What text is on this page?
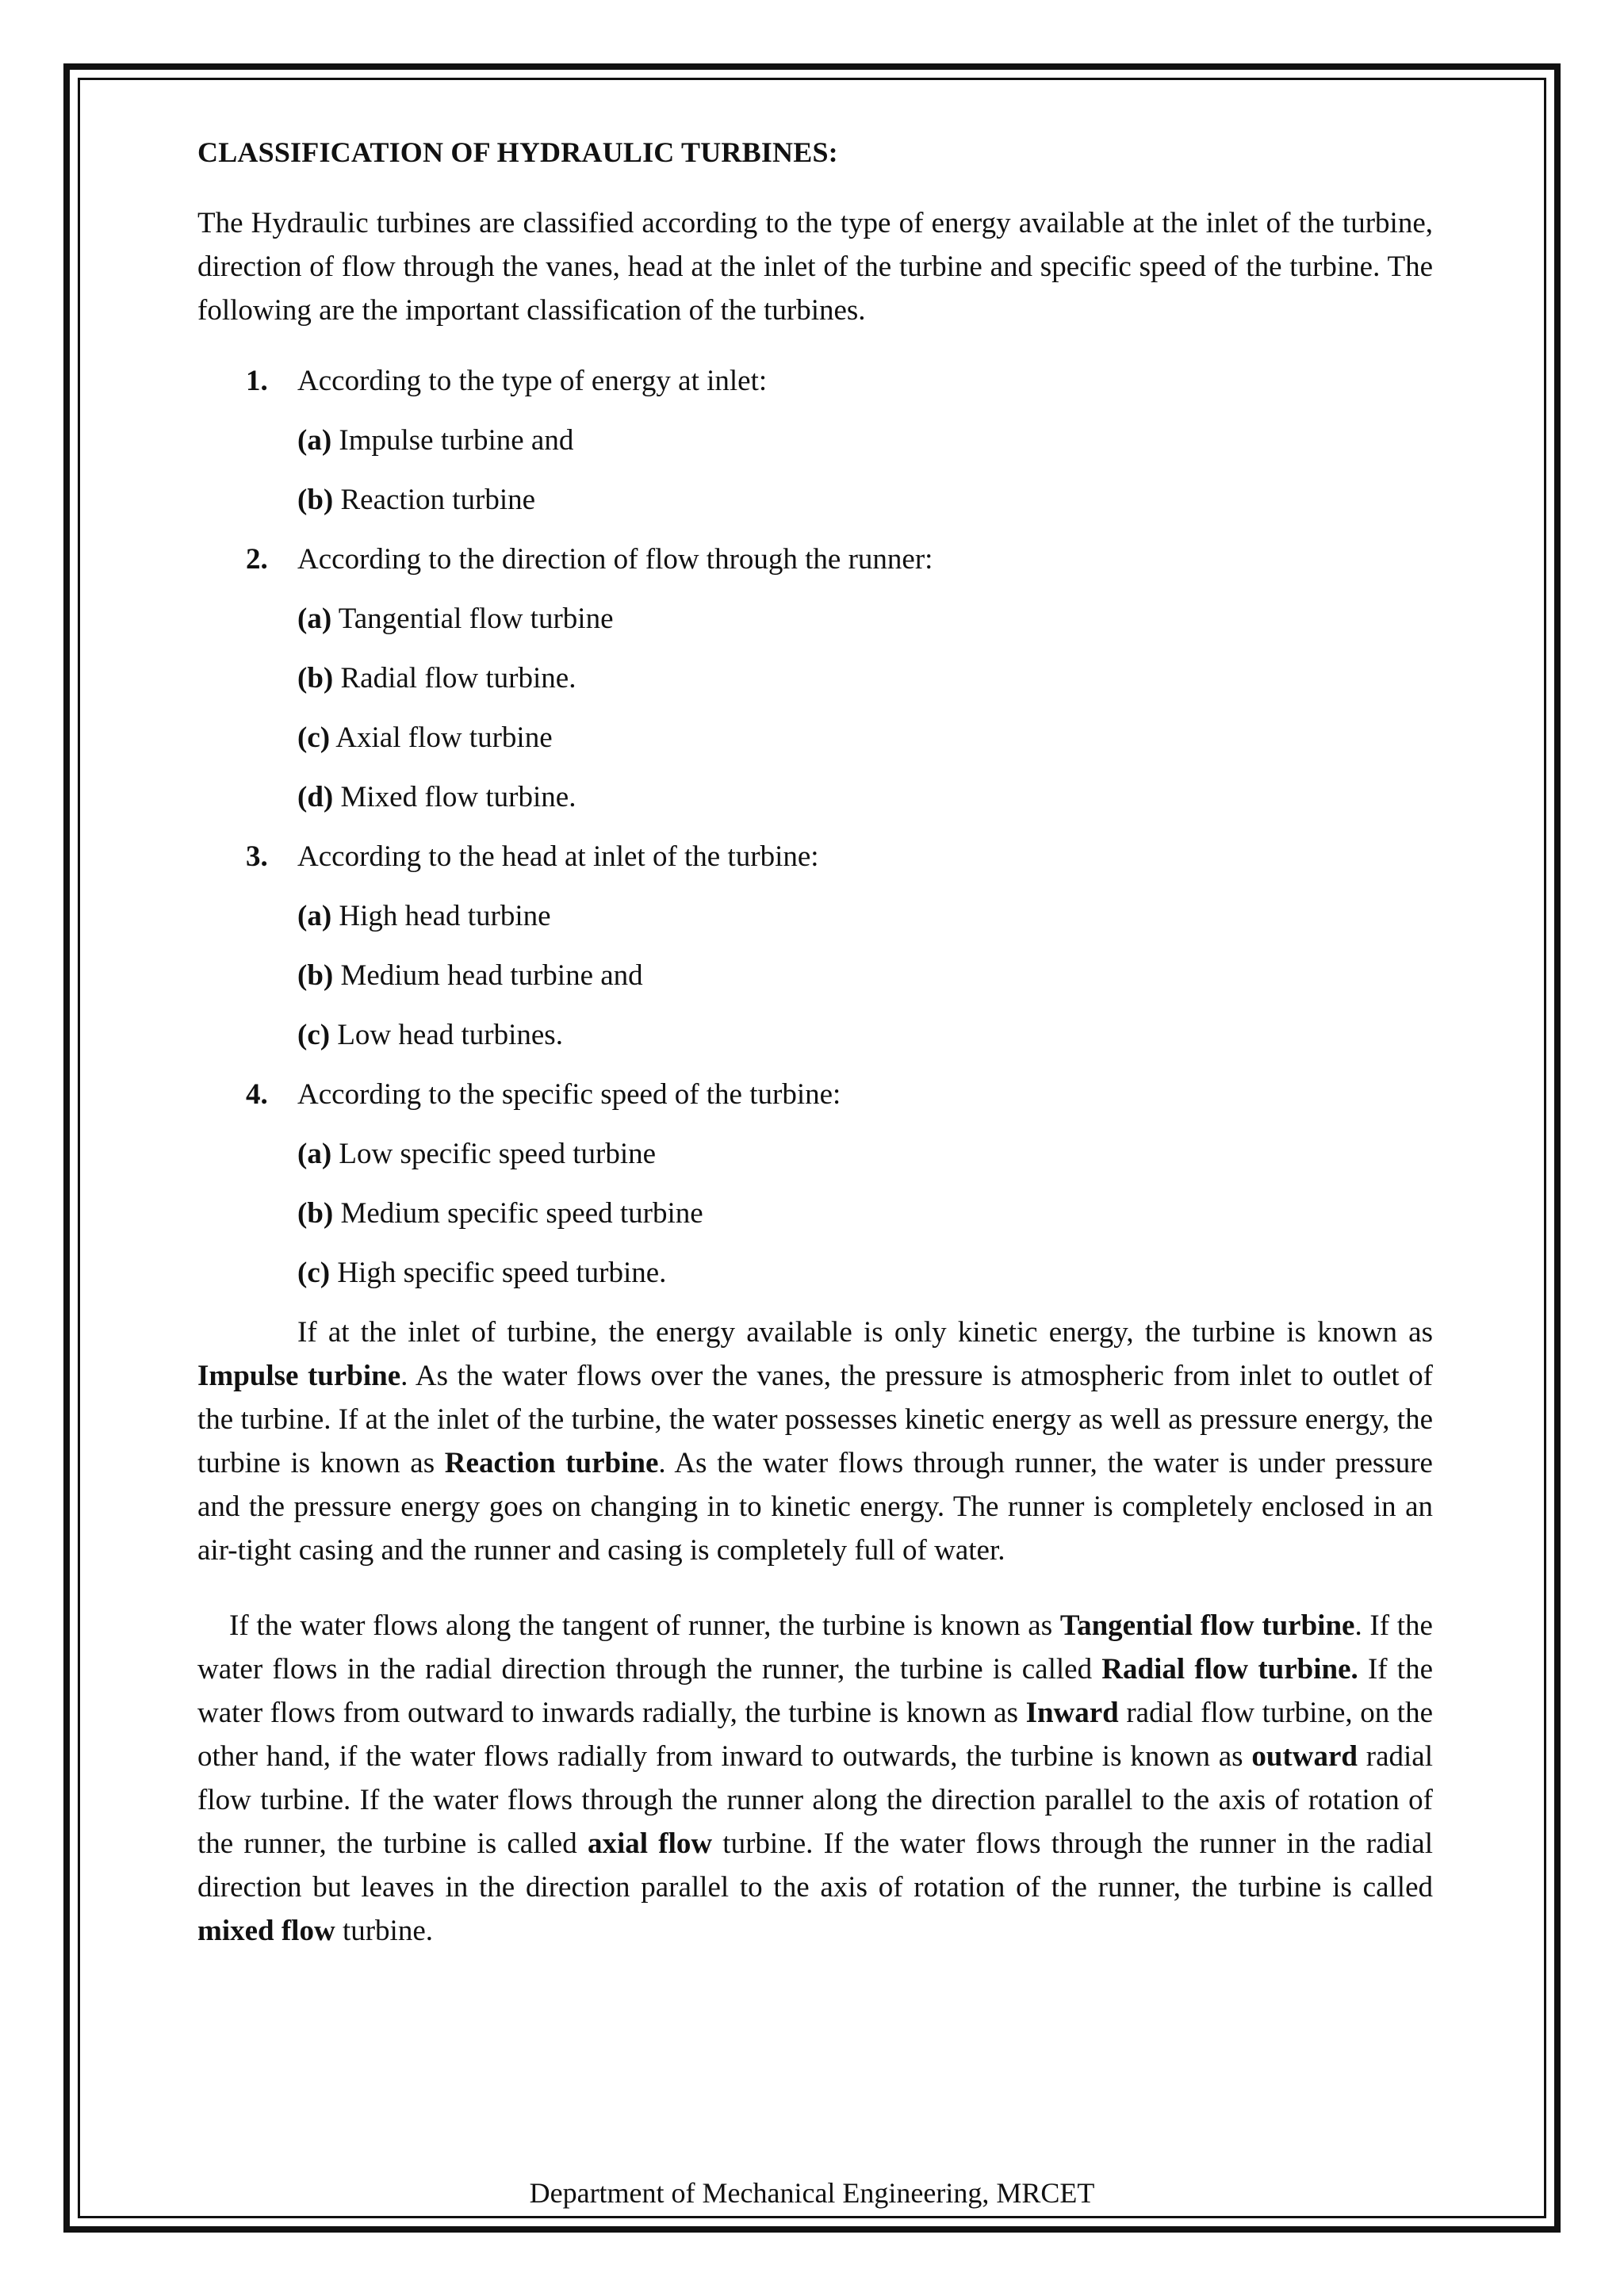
CLASSIFICATION OF HYDRAULIC TURBINES:

The Hydraulic turbines are classified according to the type of energy available at the inlet of the turbine, direction of flow through the vanes, head at the inlet of the turbine and specific speed of the turbine. The following are the important classification of the turbines.

1. According to the type of energy at inlet:
(a) Impulse turbine and
(b) Reaction turbine
2. According to the direction of flow through the runner:
(a) Tangential flow turbine
(b) Radial flow turbine.
(c) Axial flow turbine
(d) Mixed flow turbine.
3. According to the head at inlet of the turbine:
(a) High head turbine
(b) Medium head turbine and
(c) Low head turbines.
4. According to the specific speed of the turbine:
(a) Low specific speed turbine
(b) Medium specific speed turbine
(c) High specific speed turbine.

If at the inlet of turbine, the energy available is only kinetic energy, the turbine is known as Impulse turbine. As the water flows over the vanes, the pressure is atmospheric from inlet to outlet of the turbine. If at the inlet of the turbine, the water possesses kinetic energy as well as pressure energy, the turbine is known as Reaction turbine. As the water flows through runner, the water is under pressure and the pressure energy goes on changing in to kinetic energy. The runner is completely enclosed in an air-tight casing and the runner and casing is completely full of water.

If the water flows along the tangent of runner, the turbine is known as Tangential flow turbine. If the water flows in the radial direction through the runner, the turbine is called Radial flow turbine. If the water flows from outward to inwards radially, the turbine is known as Inward radial flow turbine, on the other hand, if the water flows radially from inward to outwards, the turbine is known as outward radial flow turbine. If the water flows through the runner along the direction parallel to the axis of rotation of the runner, the turbine is called axial flow turbine. If the water flows through the runner in the radial direction but leaves in the direction parallel to the axis of rotation of the runner, the turbine is called mixed flow turbine.

Department of Mechanical Engineering, MRCET
